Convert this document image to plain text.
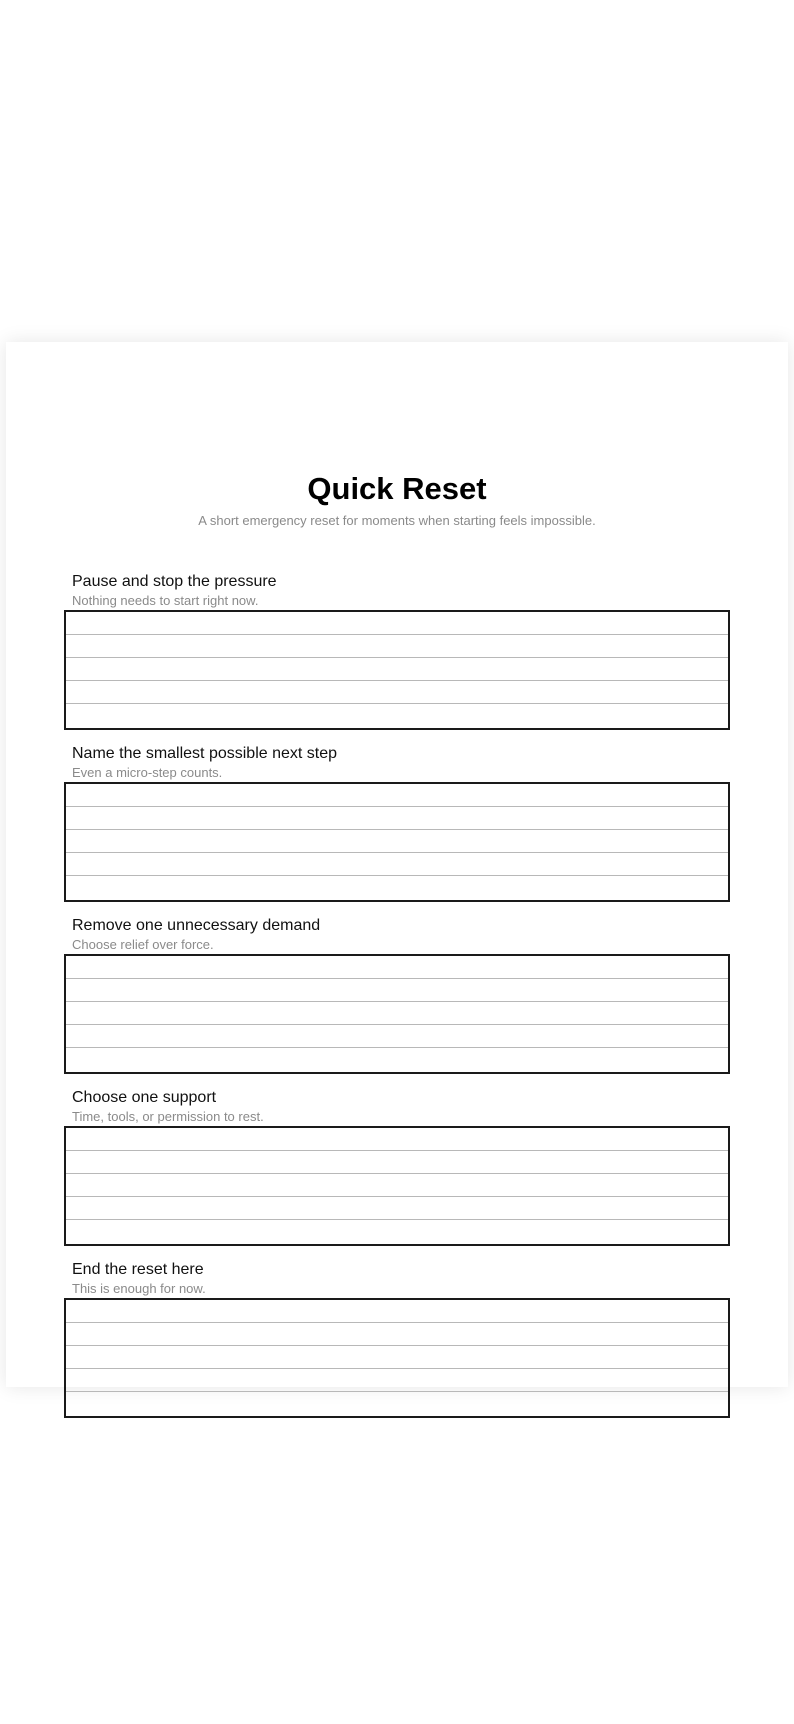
Quick Reset

A short emergency reset for moments when starting feels impossible.

Pause and stop the pressure
Nothing needs to start right now.
Name the smallest possible next step
Even a micro-step counts.
Remove one unnecessary demand
Choose relief over force.
Choose one support
Time, tools, or permission to rest.
End the reset here
This is enough for now.
